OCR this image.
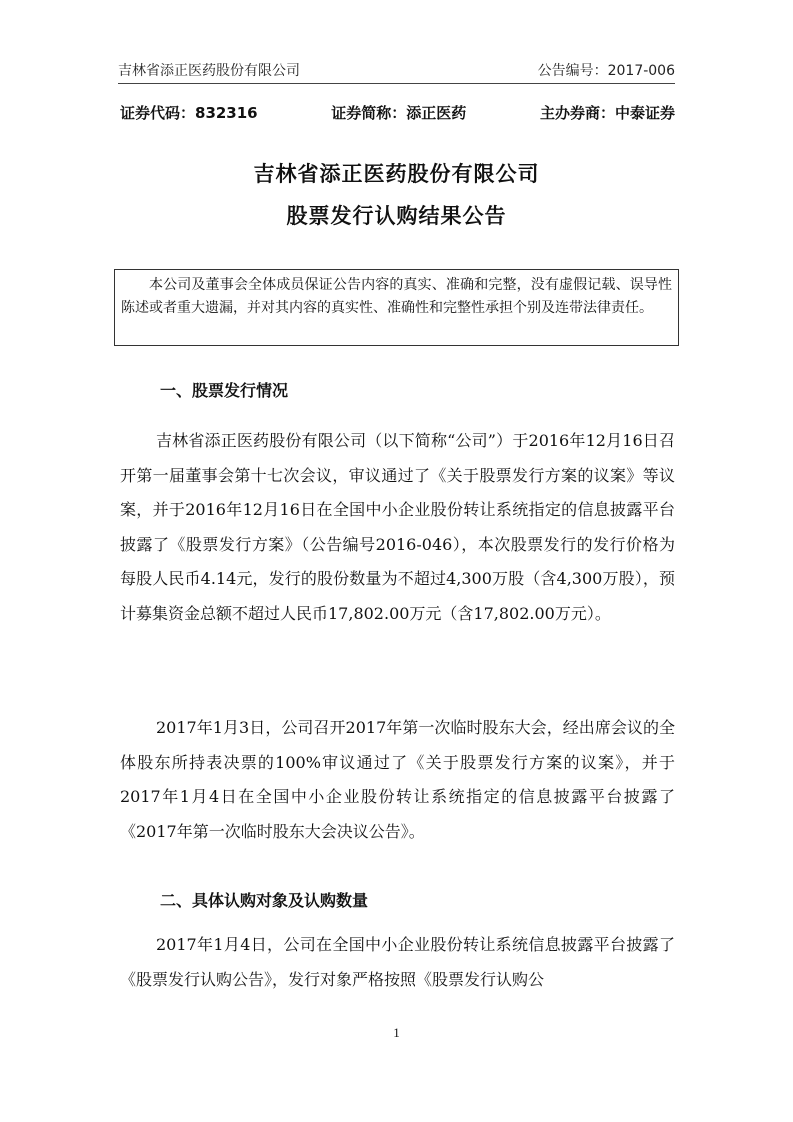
吉林省添正医药股份有限公司	公告编号：2017-006
证券代码：832316	证券简称：添正医药	主办券商：中泰证券
吉林省添正医药股份有限公司
股票发行认购结果公告
本公司及董事会全体成员保证公告内容的真实、准确和完整，没有虚假记载、误导性陈述或者重大遗漏，并对其内容的真实性、准确性和完整性承担个别及连带法律责任。
一、股票发行情况

吉林省添正医药股份有限公司（以下简称“公司”）于2016年12月16日召开第一届董事会第十七次会议，审议通过了《关于股票发行方案的议案》等议案，并于2016年12月16日在全国中小企业股份转让系统指定的信息披露平台披露了《股票发行方案》（公告编号2016-046），本次股票发行的发行价格为每股人民币4.14元，发行的股份数量为不超过4,300万股（含4,300万股），预计募集资金总额不超过人民币17,802.00万元（含17,802.00万元）。

2017年1月3日，公司召开2017年第一次临时股东大会，经出席会议的全体股东所持表决票的100%审议通过了《关于股票发行方案的议案》，并于2017年1月4日在全国中小企业股份转让系统指定的信息披露平台披露了《2017年第一次临时股东大会决议公告》。

二、具体认购对象及认购数量

2017年1月4日，公司在全国中小企业股份转让系统信息披露平台披露了《股票发行认购公告》，发行对象严格按照《股票发行认购公

1
